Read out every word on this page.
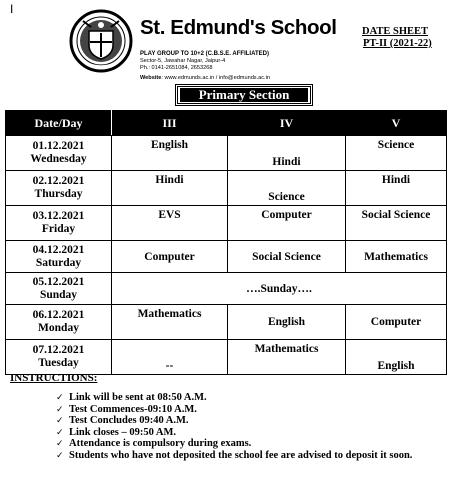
I
St. Edmund's School
PLAY GROUP TO 10+2 (C.B.S.E. AFFILIATED)
Sector-5, Jawahar Nagar, Jaipur-4
Ph.: 0141-2651084, 2653268
Website: www.edmunds.ac.in / info@edmunds.ac.in
DATE SHEET
PT-II (2021-22)
Primary Section
Date/Day	III	IV	V

01.12.2021
Wednesday	English	Hindi	Science

02.12.2021
Thursday	Hindi	Science	Hindi

03.12.2021
Friday	EVS	Computer	Social Science

04.12.2021
Saturday	Computer	Social Science	Mathematics

05.12.2021
Sunday	….Sunday….		

06.12.2021
Monday	Mathematics	English	Computer

07.12.2021
Tuesday	--	Mathematics	English
INSTRUCTIONS:
✓ Link will be sent at 08:50 A.M.
✓ Test Commences-09:10 A.M.
✓ Test Concludes 09:40 A.M.
✓ Link closes – 09:50 AM.
✓ Attendance is compulsory during exams.
✓ Students who have not deposited the school fee are advised to deposit it soon.
